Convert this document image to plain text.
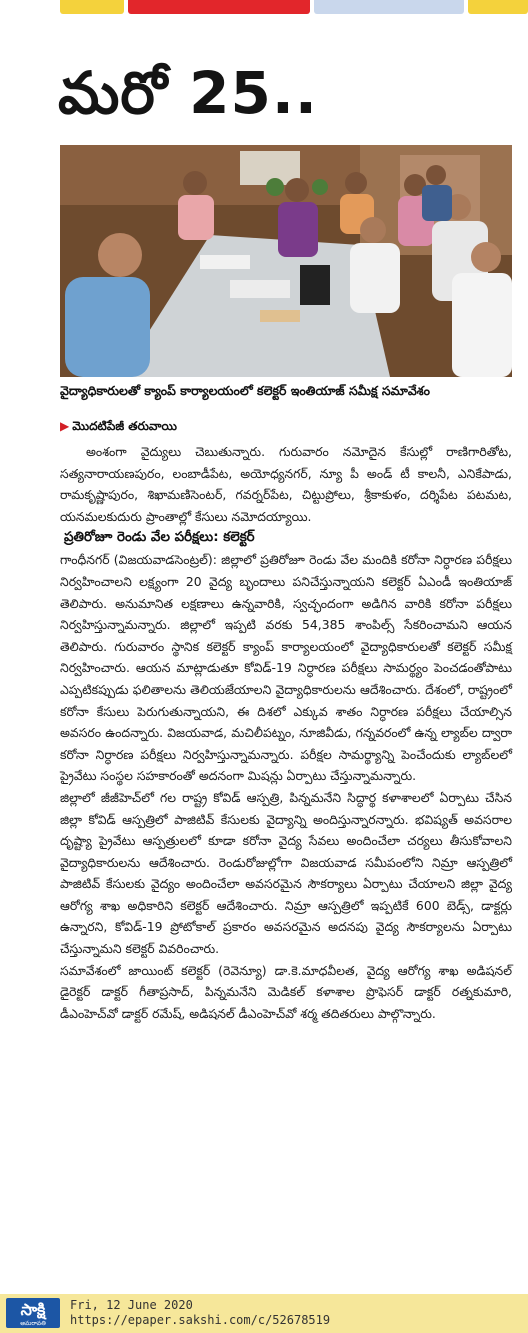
మరో 25..
వైద్యాధికారులతో క్యాంప్ కార్యాలయంలో కలెక్టర్ ఇంతియాజ్ సమీక్ష సమావేశం
▶ మొదటిపేజీ తరువాయి

అంశంగా వైద్యులు చెబుతున్నారు. గురువారం నమోదైన కేసుల్లో రాణిగారితోట, సత్యనారాయణపురం, లంబాడీపేట, అయోధ్యనగర్, న్యూ పీ అండ్ టీ కాలనీ, ఎనికేపాడు, రామకృష్ణాపురం, శిఖామణిసెంటర్, గవర్నర్‌పేట, చిట్టుప్రోలు, శ్రీకాకుళం, దర్శిపేట పటమట, యనమలకుదురు ప్రాంతాల్లో కేసులు నమోదయ్యాయి.

ప్రతిరోజూ రెండు వేల పరీక్షలు: కలెక్టర్

గాంధీనగర్ (విజయవాడసెంట్రల్): జిల్లాలో ప్రతిరోజూ రెండు వేల మందికి కరోనా నిర్ధారణ పరీక్షలు నిర్వహించాలని లక్ష్యంగా 20 వైద్య బృందాలు పనిచేస్తున్నాయని కలెక్టర్ ఏఎండీ ఇంతియాజ్ తెలిపారు. అనుమానిత లక్షణాలు ఉన్నవారికి, స్వచ్ఛందంగా అడిగిన వారికి కరోనా పరీక్షలు నిర్వహిస్తున్నామన్నారు. జిల్లాలో ఇప్పటి వరకు 54,385 శాంపిల్స్ సేకరించామని ఆయన తెలిపారు. గురువారం స్థానిక కలెక్టర్ క్యాంప్ కార్యాలయంలో వైద్యాధికారులతో కలెక్టర్ సమీక్ష నిర్వహించారు. ఆయన మాట్లాడుతూ కోవిడ్-19 నిర్ధారణ పరీక్షలు సామర్థ్యం పెంచడంతోపాటు ఎప్పటికప్పుడు ఫలితాలను తెలియజేయాలని వైద్యాధికారులను ఆదేశించారు. దేశంలో, రాష్ట్రంలో కరోనా కేసులు పెరుగుతున్నాయని, ఈ దిశలో ఎక్కువ శాతం నిర్ధారణ పరీక్షలు చేయాల్సిన అవసరం ఉందన్నారు. విజయవాడ, మచిలీపట్నం, నూజివీడు, గన్నవరంలో ఉన్న ల్యాబ్‌ల ద్వారా కరోనా నిర్ధారణ పరీక్షలు నిర్వహిస్తున్నామన్నారు. పరీక్షల సామర్థ్యాన్ని పెంచేందుకు ల్యాబ్‌లలో ప్రైవేటు సంస్థల సహకారంతో అదనంగా మిషన్లు ఏర్పాటు చేస్తున్నామన్నారు.

జిల్లాలో జీజీహెచ్‌లో గల రాష్ట్ర కోవిడ్ ఆస్పత్రి, పిన్నమనేని సిద్ధార్థ కళాశాలలో ఏర్పాటు చేసిన జిల్లా కోవిడ్ ఆస్పత్రిలో పాజిటివ్ కేసులకు వైద్యాన్ని అందిస్తున్నారన్నారు. భవిష్యత్ అవసరాల దృష్ట్యా ప్రైవేటు ఆస్పత్రులలో కూడా కరోనా వైద్య సేవలు అందించేలా చర్యలు తీసుకోవాలని వైద్యాధికారులను ఆదేశించారు. రెండురోజుల్లోగా విజయవాడ సమీపంలోని నిమ్రా ఆస్పత్రిలో పాజిటివ్ కేసులకు వైద్యం అందించేలా అవసరమైన సౌకర్యాలు ఏర్పాటు చేయాలని జిల్లా వైద్య ఆరోగ్య శాఖ అధికారిని కలెక్టర్ ఆదేశించారు. నిమ్రా ఆస్పత్రిలో ఇప్పటికే 600 బెడ్స్, డాక్టర్లు ఉన్నారని, కోవిడ్-19 ప్రోటోకాల్ ప్రకారం అవసరమైన అదనపు వైద్య సౌకర్యాలను ఏర్పాటు చేస్తున్నామని కలెక్టర్ వివరించారు.

సమావేశంలో జాయింట్ కలెక్టర్ (రెవెన్యూ) డా.కె.మాధవీలత, వైద్య ఆరోగ్య శాఖ అడిషనల్ డైరెక్టర్ డాక్టర్ గీతాప్రసాద్, పిన్నమనేని మెడికల్ కళాశాల ప్రొఫెసర్ డాక్టర్ రత్నకుమారి, డీఎంహెచ్‌వో డాక్టర్ రమేష్, అడిషనల్ డీఎంహెచ్‌వో శర్మ తదితరులు పాల్గొన్నారు.

సాక్షి
అమరావతి
Fri, 12 June 2020
https://epaper.sakshi.com/c/52678519
